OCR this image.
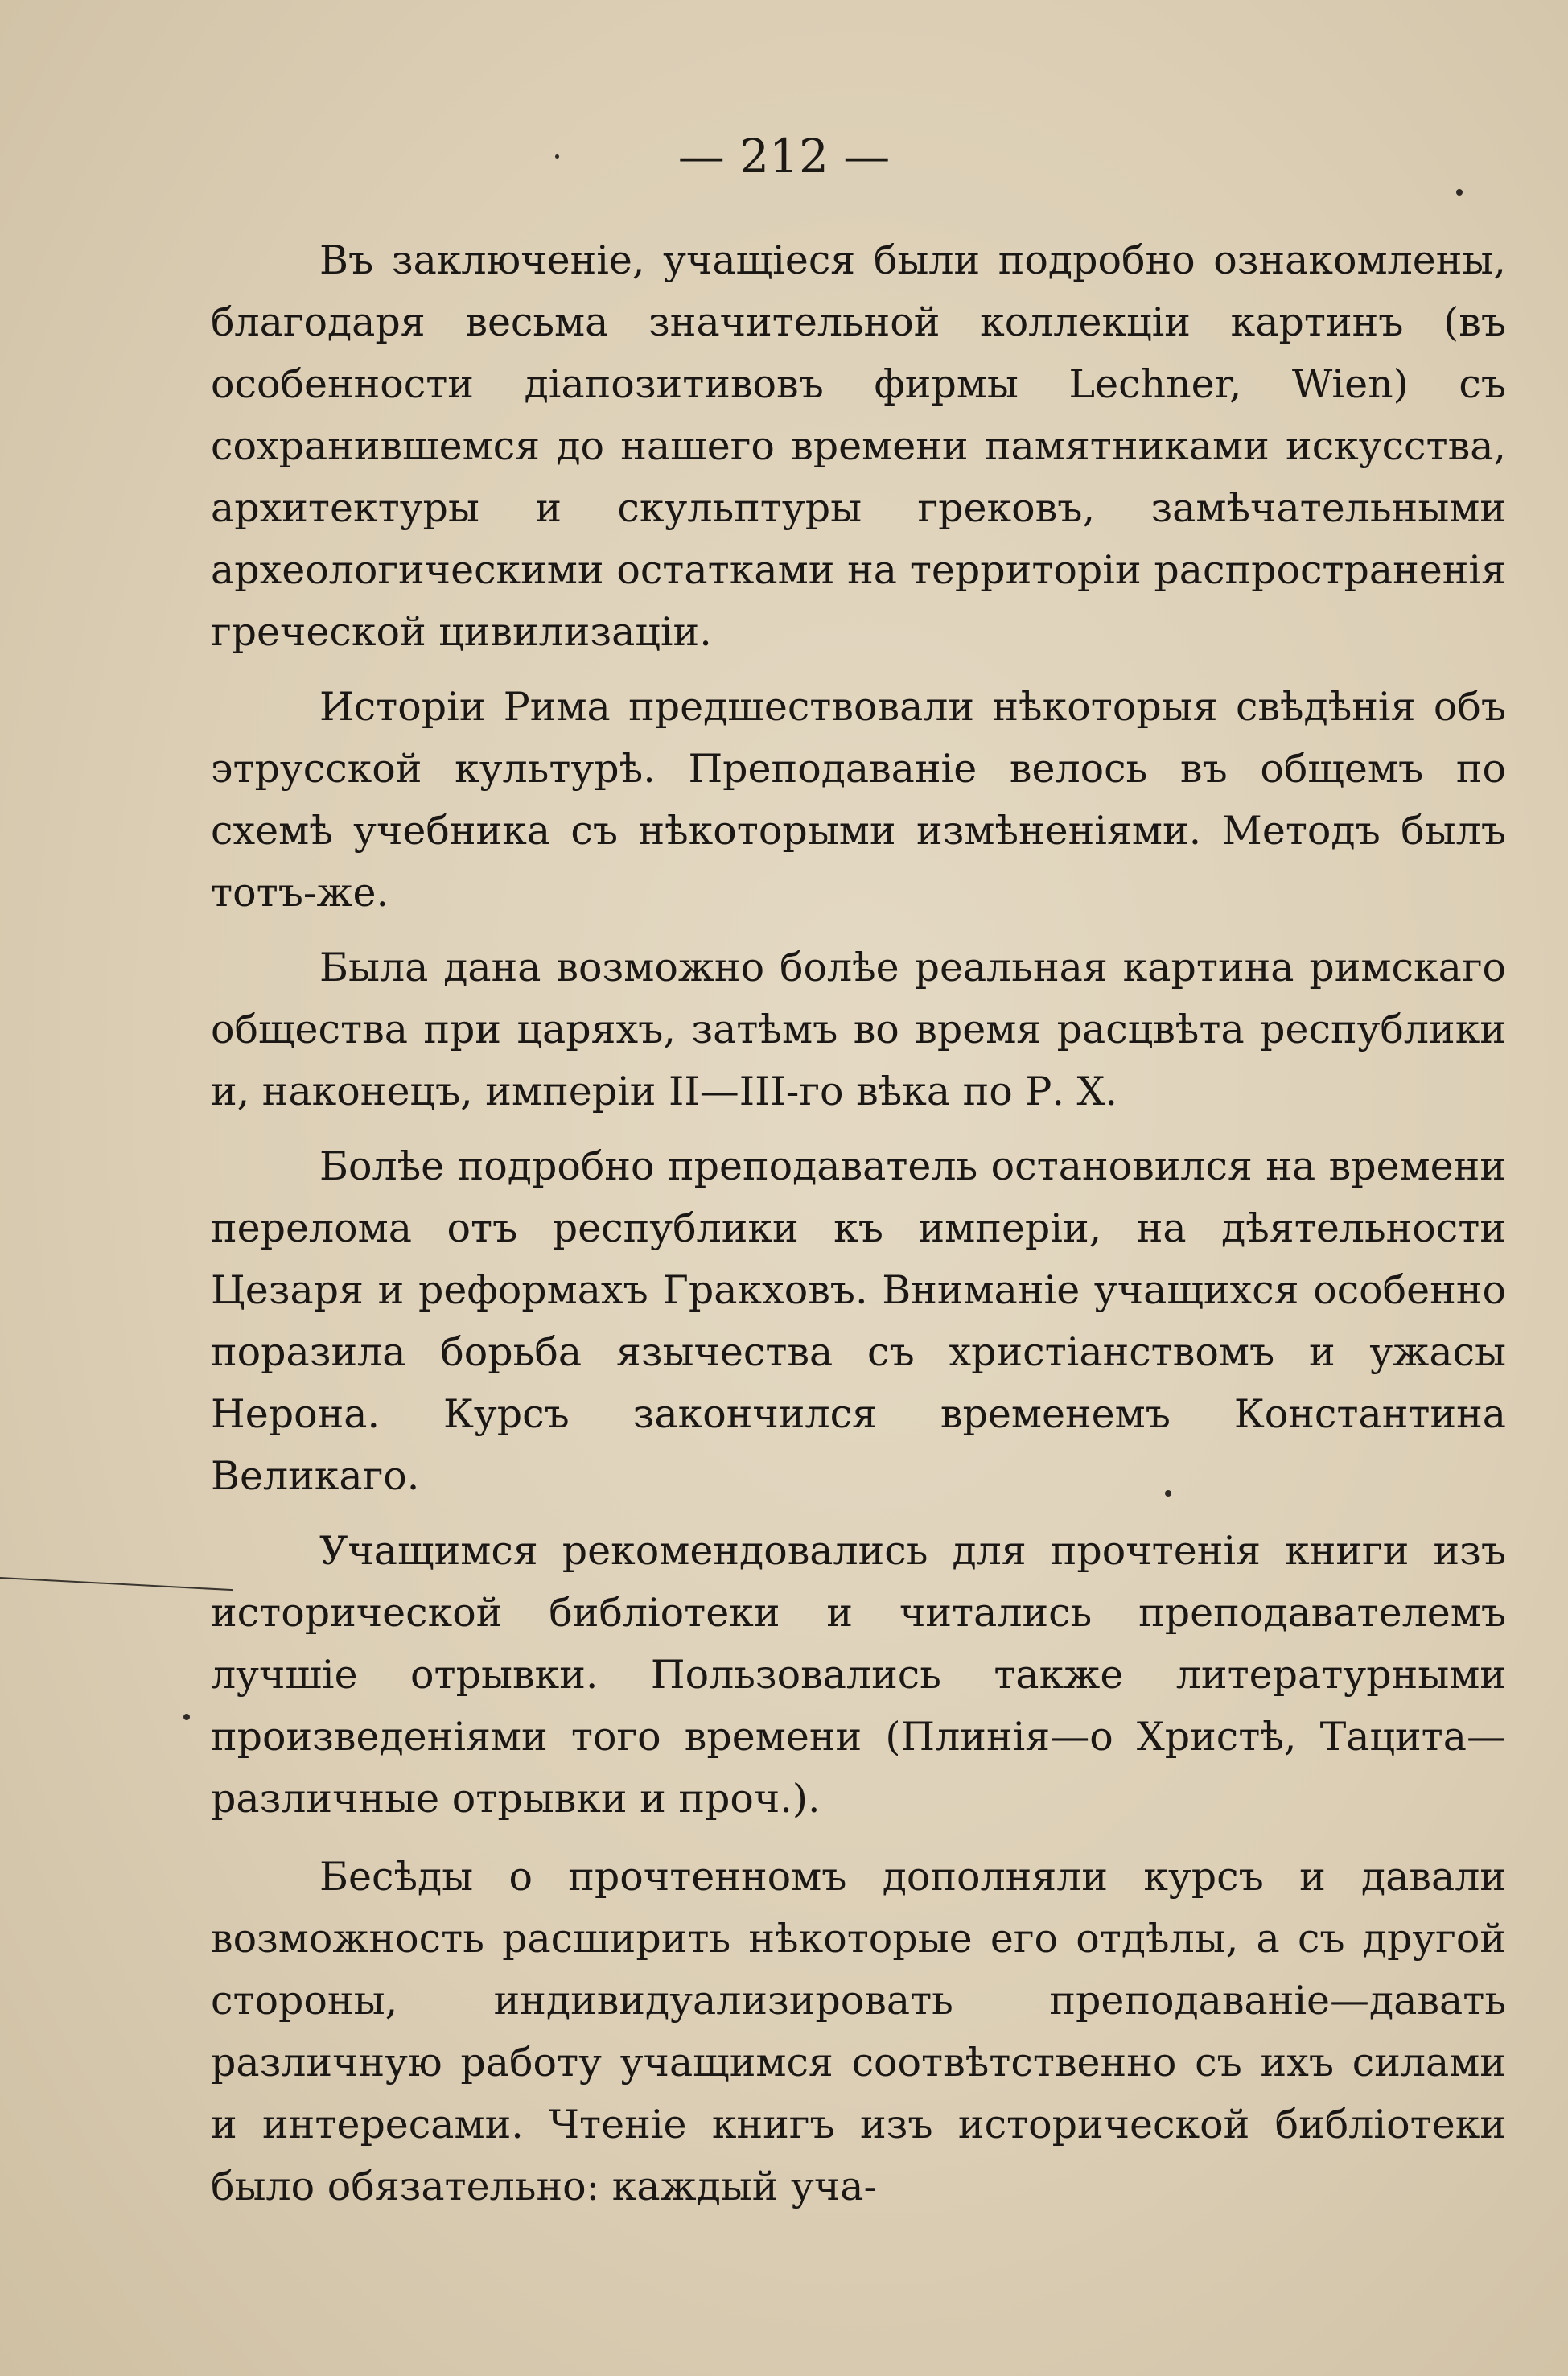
— 212 —

Въ заключеніе, учащіеся были подробно ознакомлены, благодаря весьма значительной коллекціи картинъ (въ особенности діапозитивовъ фирмы Lechner, Wien) съ сохранившемся до нашего времени памятниками искусства, архитектуры и скульптуры грековъ, замѣчательными археологическими остатками на территоріи распространенія греческой цивилизаціи.

Исторіи Рима предшествовали нѣкоторыя свѣдѣнія объ этрусской культурѣ. Преподаваніе велось въ общемъ по схемѣ учебника съ нѣкоторыми измѣненіями. Методъ былъ тотъ-же.

Была дана возможно болѣе реальная картина римскаго общества при царяхъ, затѣмъ во время расцвѣта республики и, наконецъ, имперіи II—III-го вѣка по Р. Х.

Болѣе подробно преподаватель остановился на времени перелома отъ республики къ имперіи, на дѣятельности Цезаря и реформахъ Гракховъ. Вниманіе учащихся особенно поразила борьба язычества съ христіанствомъ и ужасы Нерона. Курсъ закончился временемъ Константина Великаго.

Учащимся рекомендовались для прочтенія книги изъ исторической библіотеки и читались преподавателемъ лучшіе отрывки. Пользовались также литературными произведеніями того времени (Плинія—о Христѣ, Тацита—различные отрывки и проч.).

Бесѣды о прочтенномъ дополняли курсъ и давали возможность расширить нѣкоторые его отдѣлы, а съ другой стороны, индивидуализировать преподаваніе—давать различную работу учащимся соотвѣтственно съ ихъ силами и интересами. Чтеніе книгъ изъ исторической библіотеки было обязательно: каждый уча-
